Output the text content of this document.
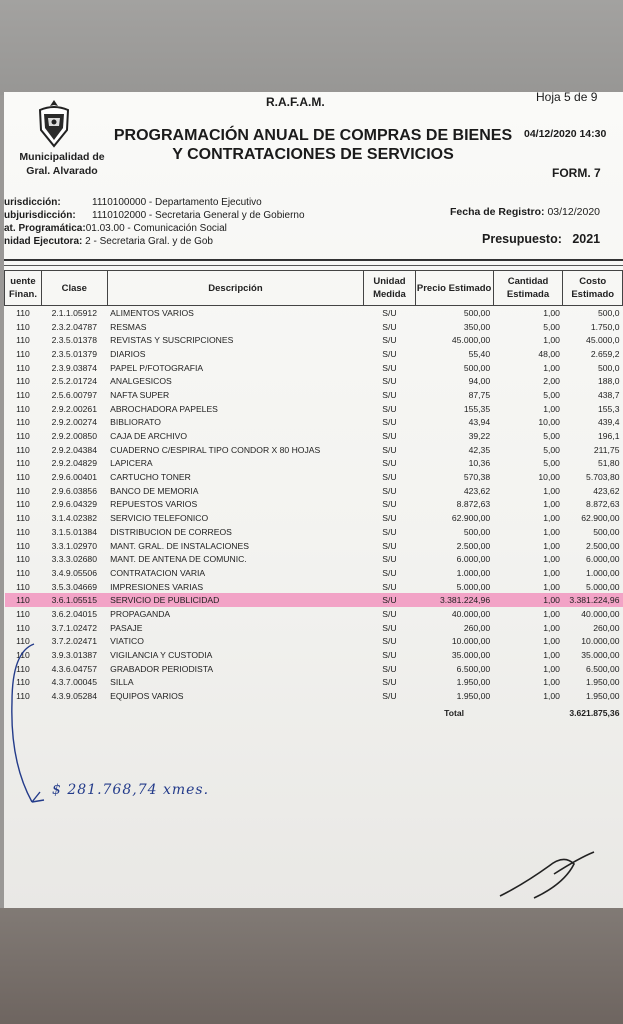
Municipalidad de
Gral. Alvarado
R.A.F.A.M.	Hoja 5 de 9
PROGRAMACIÓN ANUAL DE COMPRAS DE BIENES
Y CONTRATACIONES DE SERVICIOS
04/12/2020 14:30
FORM. 7
urisdicción:	1110100000 - Departamento Ejecutivo
ubjurisdicción: 1110102000 - Secretaria General y de Gobierno
at. Programática:01.03.00 - Comunicación Social
nidad Ejecutora: 2 - Secretaria Gral. y de Gob
Fecha de Registro: 03/12/2020
Presupuesto: 2021
uente Finan.	Clase	Descripción	Unidad Medida	Precio Estimado	Cantidad Estimada	Costo Estimado
110	2.1.1.05912	ALIMENTOS VARIOS	S/U	500,00	1,00	500,0
110	2.3.2.04787	RESMAS	S/U	350,00	5,00	1.750,0
110	2.3.5.01378	REVISTAS Y SUSCRIPCIONES	S/U	45.000,00	1,00	45.000,0
110	2.3.5.01379	DIARIOS	S/U	55,40	48,00	2.659,2
110	2.3.9.03874	PAPEL P/FOTOGRAFIA	S/U	500,00	1,00	500,0
110	2.5.2.01724	ANALGESICOS	S/U	94,00	2,00	188,0
110	2.5.6.00797	NAFTA SUPER	S/U	87,75	5,00	438,7
110	2.9.2.00261	ABROCHADORA PAPELES	S/U	155,35	1,00	155,3
110	2.9.2.00274	BIBLIORATO	S/U	43,94	10,00	439,4
110	2.9.2.00850	CAJA DE ARCHIVO	S/U	39,22	5,00	196,1
110	2.9.2.04384	CUADERNO C/ESPIRAL TIPO CONDOR X 80 HOJAS	S/U	42,35	5,00	211,75
110	2.9.2.04829	LAPICERA	S/U	10,36	5,00	51,80
110	2.9.6.00401	CARTUCHO TONER	S/U	570,38	10,00	5.703,80
110	2.9.6.03856	BANCO DE MEMORIA	S/U	423,62	1,00	423,62
110	2.9.6.04329	REPUESTOS VARIOS	S/U	8.872,63	1,00	8.872,63
110	3.1.4.02382	SERVICIO TELEFONICO	S/U	62.900,00	1,00	62.900,00
110	3.1.5.01384	DISTRIBUCION DE CORREOS	S/U	500,00	1,00	500,00
110	3.3.1.02970	MANT. GRAL. DE INSTALACIONES	S/U	2.500,00	1,00	2.500,00
110	3.3.3.02680	MANT. DE ANTENA DE COMUNIC.	S/U	6.000,00	1,00	6.000,00
110	3.4.9.05506	CONTRATACION VARIA	S/U	1.000,00	1,00	1.000,00
110	3.5.3.04669	IMPRESIONES VARIAS	S/U	5.000,00	1,00	5.000,00
110	3.6.1.05515	SERVICIO DE PUBLICIDAD	S/U	3.381.224,96	1,00	3.381.224,96
110	3.6.2.04015	PROPAGANDA	S/U	40.000,00	1,00	40.000,00
110	3.7.1.02472	PASAJE	S/U	260,00	1,00	260,00
110	3.7.2.02471	VIATICO	S/U	10.000,00	1,00	10.000,00
110	3.9.3.01387	VIGILANCIA Y CUSTODIA	S/U	35.000,00	1,00	35.000,00
110	4.3.6.04757	GRABADOR PERIODISTA	S/U	6.500,00	1,00	6.500,00
110	4.3.7.00045	SILLA	S/U	1.950,00	1,00	1.950,00
110	4.3.9.05284	EQUIPOS VARIOS	S/U	1.950,00	1,00	1.950,00
				Total		3.621.875,36
$ 281.768,74 xmes.
